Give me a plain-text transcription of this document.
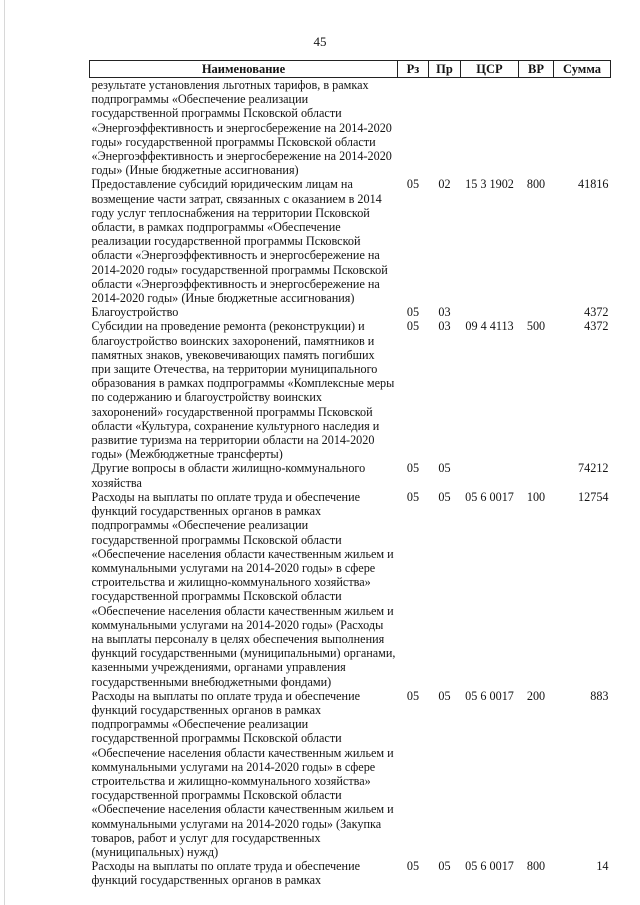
45
Наименование	Рз	Пр	ЦСР	ВР	Сумма
результате установления льготных тарифов, в рамках подпрограммы «Обеспечение реализации государственной программы Псковской области «Энергоэффективность и энергосбережение на 2014-2020 годы» государственной программы Псковской области «Энергоэффективность и энергосбережение на 2014-2020 годы» (Иные бюджетные ассигнования)					
Предоставление субсидий юридическим лицам на возмещение части затрат, связанных с оказанием в 2014 году услуг теплоснабжения на территории Псковской области, в рамках подпрограммы «Обеспечение реализации государственной программы Псковской области «Энергоэффективность и энергосбережение на 2014-2020 годы» государственной программы Псковской области «Энергоэффективность и энергосбережение на 2014-2020 годы» (Иные бюджетные ассигнования)	05	02	15 3 1902	800	41816
Благоустройство	05	03			4372
Субсидии на проведение ремонта (реконструкции) и благоустройство воинских захоронений, памятников и памятных знаков, увековечивающих память погибших при защите Отечества, на территории муниципального образования в рамках подпрограммы «Комплексные меры по содержанию и благоустройству воинских захоронений» государственной программы Псковской области «Культура, сохранение культурного наследия и развитие туризма на территории области на 2014-2020 годы» (Межбюджетные трансферты)	05	03	09 4 4113	500	4372
Другие вопросы в области жилищно-коммунального хозяйства	05	05			74212
Расходы на выплаты по оплате труда и обеспечение функций государственных органов в рамках подпрограммы «Обеспечение реализации государственной программы Псковской области «Обеспечение населения области качественным жильем и коммунальными услугами на 2014-2020 годы» в сфере строительства и жилищно-коммунального хозяйства» государственной программы Псковской области «Обеспечение населения области качественным жильем и коммунальными услугами на 2014-2020 годы» (Расходы на выплаты персоналу в целях обеспечения выполнения функций государственными (муниципальными) органами, казенными учреждениями, органами управления государственными внебюджетными фондами)	05	05	05 6 0017	100	12754
Расходы на выплаты по оплате труда и обеспечение функций государственных органов в рамках подпрограммы «Обеспечение реализации государственной программы Псковской области «Обеспечение населения области качественным жильем и коммунальными услугами на 2014-2020 годы» в сфере строительства и жилищно-коммунального хозяйства» государственной программы Псковской области «Обеспечение населения области качественным жильем и коммунальными услугами на 2014-2020 годы» (Закупка товаров, работ и услуг для государственных (муниципальных) нужд)	05	05	05 6 0017	200	883
Расходы на выплаты по оплате труда и обеспечение функций государственных органов в рамках	05	05	05 6 0017	800	14
